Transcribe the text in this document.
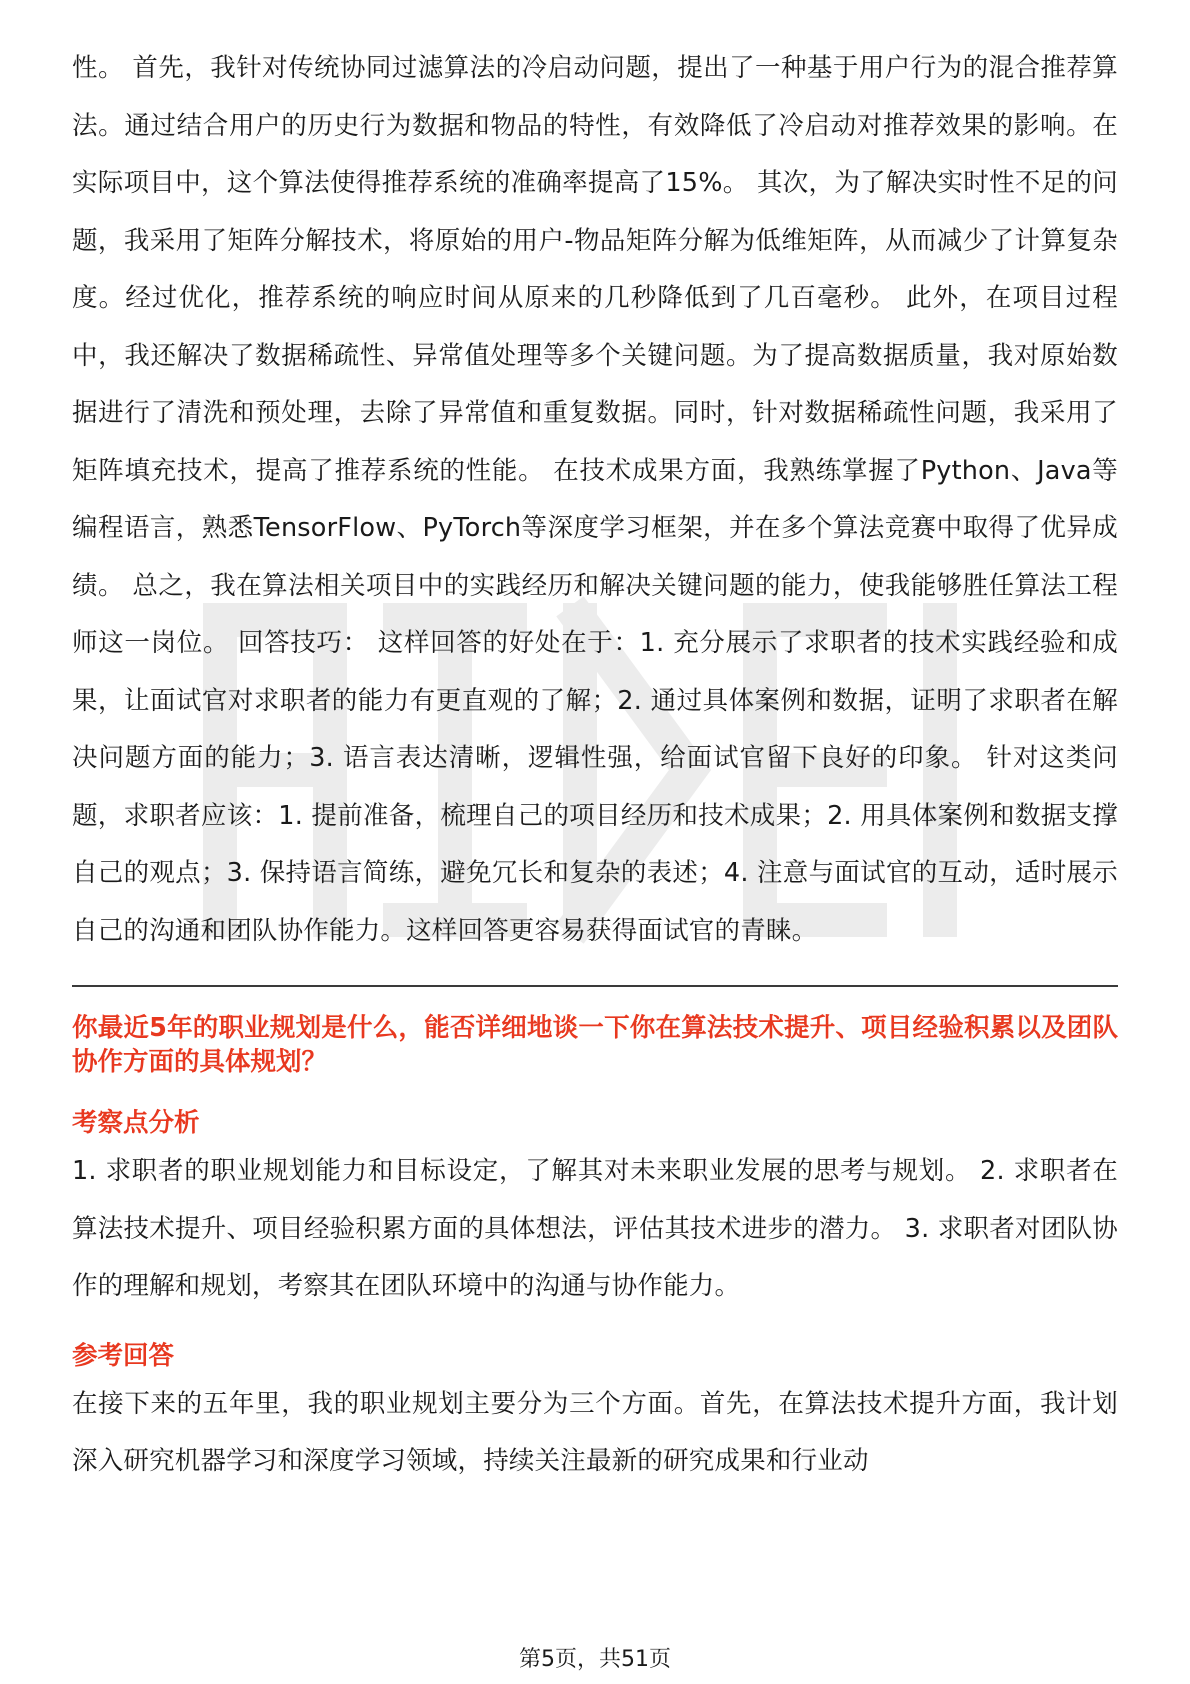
性。 首先，我针对传统协同过滤算法的冷启动问题，提出了一种基于用户行为的混合推荐算法。通过结合用户的历史行为数据和物品的特性，有效降低了冷启动对推荐效果的影响。在实际项目中，这个算法使得推荐系统的准确率提高了15%。 其次，为了解决实时性不足的问题，我采用了矩阵分解技术，将原始的用户-物品矩阵分解为低维矩阵，从而减少了计算复杂度。经过优化，推荐系统的响应时间从原来的几秒降低到了几百毫秒。 此外，在项目过程中，我还解决了数据稀疏性、异常值处理等多个关键问题。为了提高数据质量，我对原始数据进行了清洗和预处理，去除了异常值和重复数据。同时，针对数据稀疏性问题，我采用了矩阵填充技术，提高了推荐系统的性能。 在技术成果方面，我熟练掌握了Python、Java等编程语言，熟悉TensorFlow、PyTorch等深度学习框架，并在多个算法竞赛中取得了优异成绩。 总之，我在算法相关项目中的实践经历和解决关键问题的能力，使我能够胜任算法工程师这一岗位。 回答技巧： 这样回答的好处在于：1. 充分展示了求职者的技术实践经验和成果，让面试官对求职者的能力有更直观的了解；2. 通过具体案例和数据，证明了求职者在解决问题方面的能力；3. 语言表达清晰，逻辑性强，给面试官留下良好的印象。 针对这类问题，求职者应该：1. 提前准备，梳理自己的项目经历和技术成果；2. 用具体案例和数据支撑自己的观点；3. 保持语言简练，避免冗长和复杂的表述；4. 注意与面试官的互动，适时展示自己的沟通和团队协作能力。这样回答更容易获得面试官的青睐。

你最近5年的职业规划是什么，能否详细地谈一下你在算法技术提升、项目经验积累以及团队协作方面的具体规划？

考察点分析

1. 求职者的职业规划能力和目标设定，了解其对未来职业发展的思考与规划。 2. 求职者在算法技术提升、项目经验积累方面的具体想法，评估其技术进步的潜力。 3. 求职者对团队协作的理解和规划，考察其在团队环境中的沟通与协作能力。

参考回答

在接下来的五年里，我的职业规划主要分为三个方面。首先，在算法技术提升方面，我计划深入研究机器学习和深度学习领域，持续关注最新的研究成果和行业动

第5页，共51页
